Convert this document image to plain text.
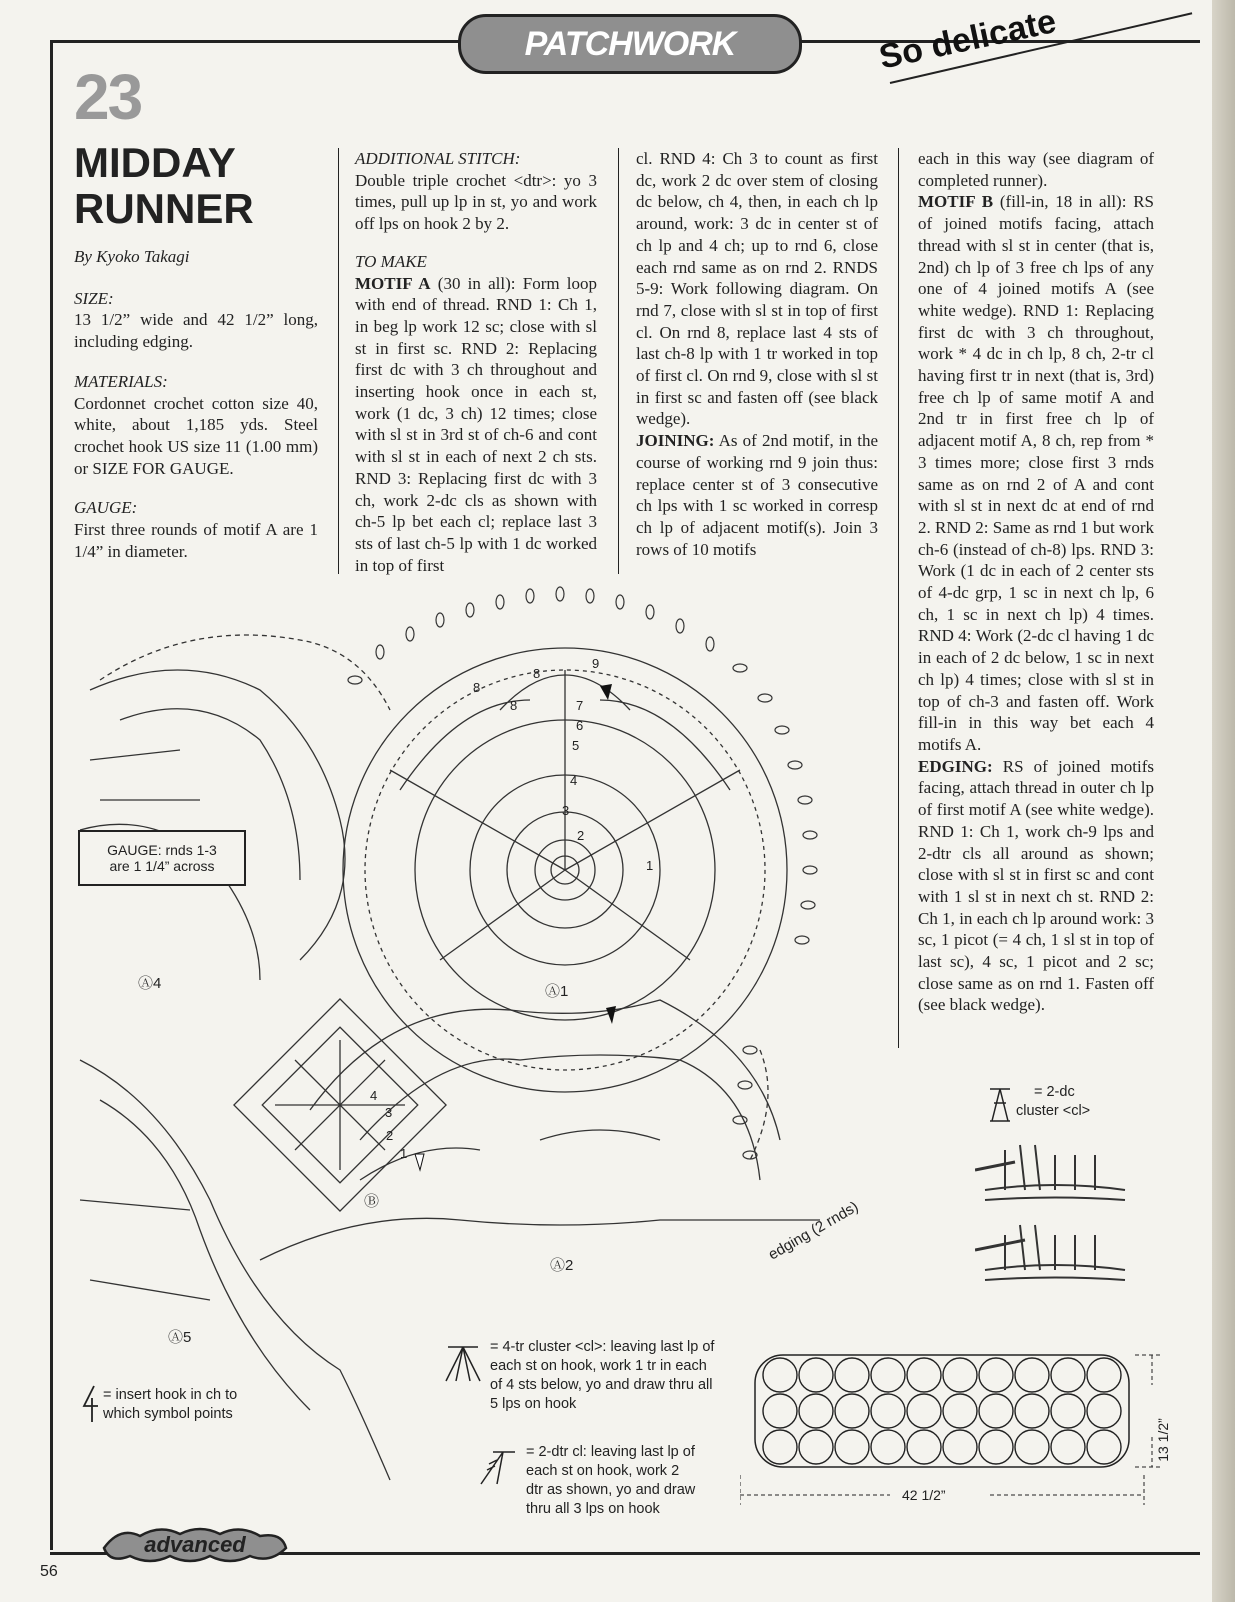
PATCHWORK	So delicate
23
MIDDAY RUNNER

By Kyoko Takagi

SIZE:

13 1/2” wide and 42 1/2” long, including edging.

MATERIALS:

Cordonnet crochet cotton size 40, white, about 1,185 yds. Steel crochet hook US size 11 (1.00 mm) or SIZE FOR GAUGE.

GAUGE:

First three rounds of motif A are 1 1/4” in diameter.

ADDITIONAL STITCH:

Double triple crochet <dtr>: yo 3 times, pull up lp in st, yo and work off lps on hook 2 by 2.

TO MAKE

MOTIF A (30 in all): Form loop with end of thread. RND 1: Ch 1, in beg lp work 12 sc; close with sl st in first sc. RND 2: Replacing first dc with 3 ch throughout and inserting hook once in each st, work (1 dc, 3 ch) 12 times; close with sl st in 3rd st of ch-6 and cont with sl st in each of next 2 ch sts. RND 3: Replacing first dc with 3 ch, work 2-dc cls as shown with ch-5 lp bet each cl; replace last 3 sts of last ch-5 lp with 1 dc worked in top of first

cl. RND 4: Ch 3 to count as first dc, work 2 dc over stem of closing dc below, ch 4, then, in each ch lp around, work: 3 dc in center st of ch lp and 4 ch; up to rnd 6, close each rnd same as on rnd 2. RNDS 5-9: Work following diagram. On rnd 7, close with sl st in top of first cl. On rnd 8, replace last 4 sts of last ch-8 lp with 1 tr worked in top of first cl. On rnd 9, close with sl st in first sc and fasten off (see black wedge).

JOINING: As of 2nd motif, in the course of working rnd 9 join thus: replace center st of 3 consecutive ch lps with 1 sc worked in corresp ch lp of adjacent motif(s). Join 3 rows of 10 motifs

each in this way (see diagram of completed runner).

MOTIF B (fill-in, 18 in all): RS of joined motifs facing, attach thread with sl st in center (that is, 2nd) ch lp of 3 free ch lps of any one of 4 joined motifs A (see white wedge). RND 1: Replacing first dc with 3 ch throughout, work * 4 dc in ch lp, 8 ch, 2-tr cl having first tr in next (that is, 3rd) free ch lp of same motif A and 2nd tr in first free ch lp of adjacent motif A, 8 ch, rep from * 3 times more; close first 3 rnds same as on rnd 2 of A and cont with sl st in next dc at end of rnd 2. RND 2: Same as rnd 1 but work ch-6 (instead of ch-8) lps. RND 3: Work (1 dc in each of 2 center sts of 4-dc grp, 1 sc in next ch lp, 6 ch, 1 sc in next ch lp) 4 times. RND 4: Work (2-dc cl having 1 dc in each of 2 dc below, 1 sc in next ch lp) 4 times; close with sl st in top of ch-3 and fasten off. Work fill-in in this way bet each 4 motifs A.

EDGING: RS of joined motifs facing, attach thread in outer ch lp of first motif A (see white wedge). RND 1: Ch 1, work ch-9 lps and 2-dtr cls all around as shown; close with sl st in first sc and cont with 1 sl st in next ch st. RND 2: Ch 1, in each ch lp around work: 3 sc, 1 picot (= 4 ch, 1 sl st in top of last sc), 4 sc, 1 picot and 2 sc; close same as on rnd 1. Fasten off (see black wedge).

1
2
3
4
5
6
7
8
8
8
9
1
2
3
4
Ⓐ1
Ⓐ2
Ⓐ4
Ⓐ5
Ⓑ	edging (2 rnds)
GAUGE: rnds 1-3
are 1 1/4” across
= 2-dc
cluster <cl>
= 4-tr cluster <cl>: leaving last lp of each st on hook, work 1 tr in each of 4 sts below, yo and draw thru all 5 lps on hook
= 2-dtr cl: leaving last lp of each st on hook, work 2 dtr as shown, yo and draw thru all 3 lps on hook
= insert hook in ch to which symbol points
13 1/2”
42 1/2”
56
advanced
